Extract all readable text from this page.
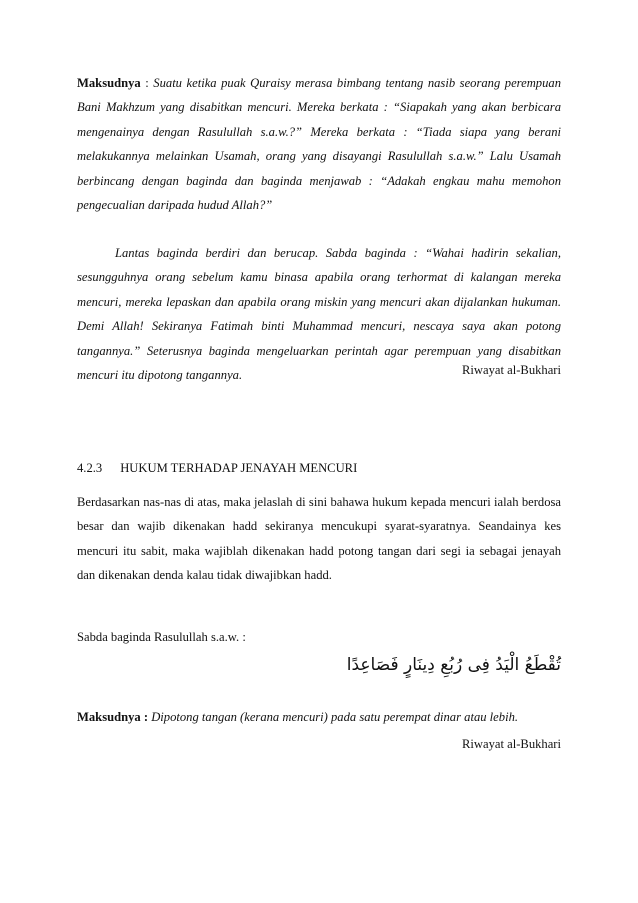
Maksudnya : Suatu ketika puak Quraisy merasa bimbang tentang nasib seorang perempuan Bani Makhzum yang disabitkan mencuri. Mereka berkata : “Siapakah yang akan berbicara mengenainya dengan Rasulullah s.a.w.?” Mereka berkata : “Tiada siapa yang berani melakukannya melainkan Usamah, orang yang disayangi Rasulullah s.a.w.” Lalu Usamah berbincang dengan baginda dan baginda menjawab : “Adakah engkau mahu memohon pengecualian daripada hudud Allah?”

Lantas baginda berdiri dan berucap. Sabda baginda : “Wahai hadirin sekalian, sesungguhnya orang sebelum kamu binasa apabila orang terhormat di kalangan mereka mencuri, mereka lepaskan dan apabila orang miskin yang mencuri akan dijalankan hukuman. Demi Allah! Sekiranya Fatimah binti Muhammad mencuri, nescaya saya akan potong tangannya.” Seterusnya baginda mengeluarkan perintah agar perempuan yang disabitkan mencuri itu dipotong tangannya.	Riwayat al-Bukhari
4.2.3 HUKUM TERHADAP JENAYAH MENCURI

Berdasarkan nas-nas di atas, maka jelaslah di sini bahawa hukum kepada mencuri ialah berdosa besar dan wajib dikenakan hadd sekiranya mencukupi syarat-syaratnya. Seandainya kes mencuri itu sabit, maka wajiblah dikenakan hadd potong tangan dari segi ia sebagai jenayah dan dikenakan denda kalau tidak diwajibkan hadd.

Sabda baginda Rasulullah s.a.w. :

تُقْطَعُ الْيَدُ فِى رُبُعِ دِينَارٍ فَصَاعِدًا

Maksudnya : Dipotong tangan (kerana mencuri) pada satu perempat dinar atau lebih.

Riwayat al-Bukhari
